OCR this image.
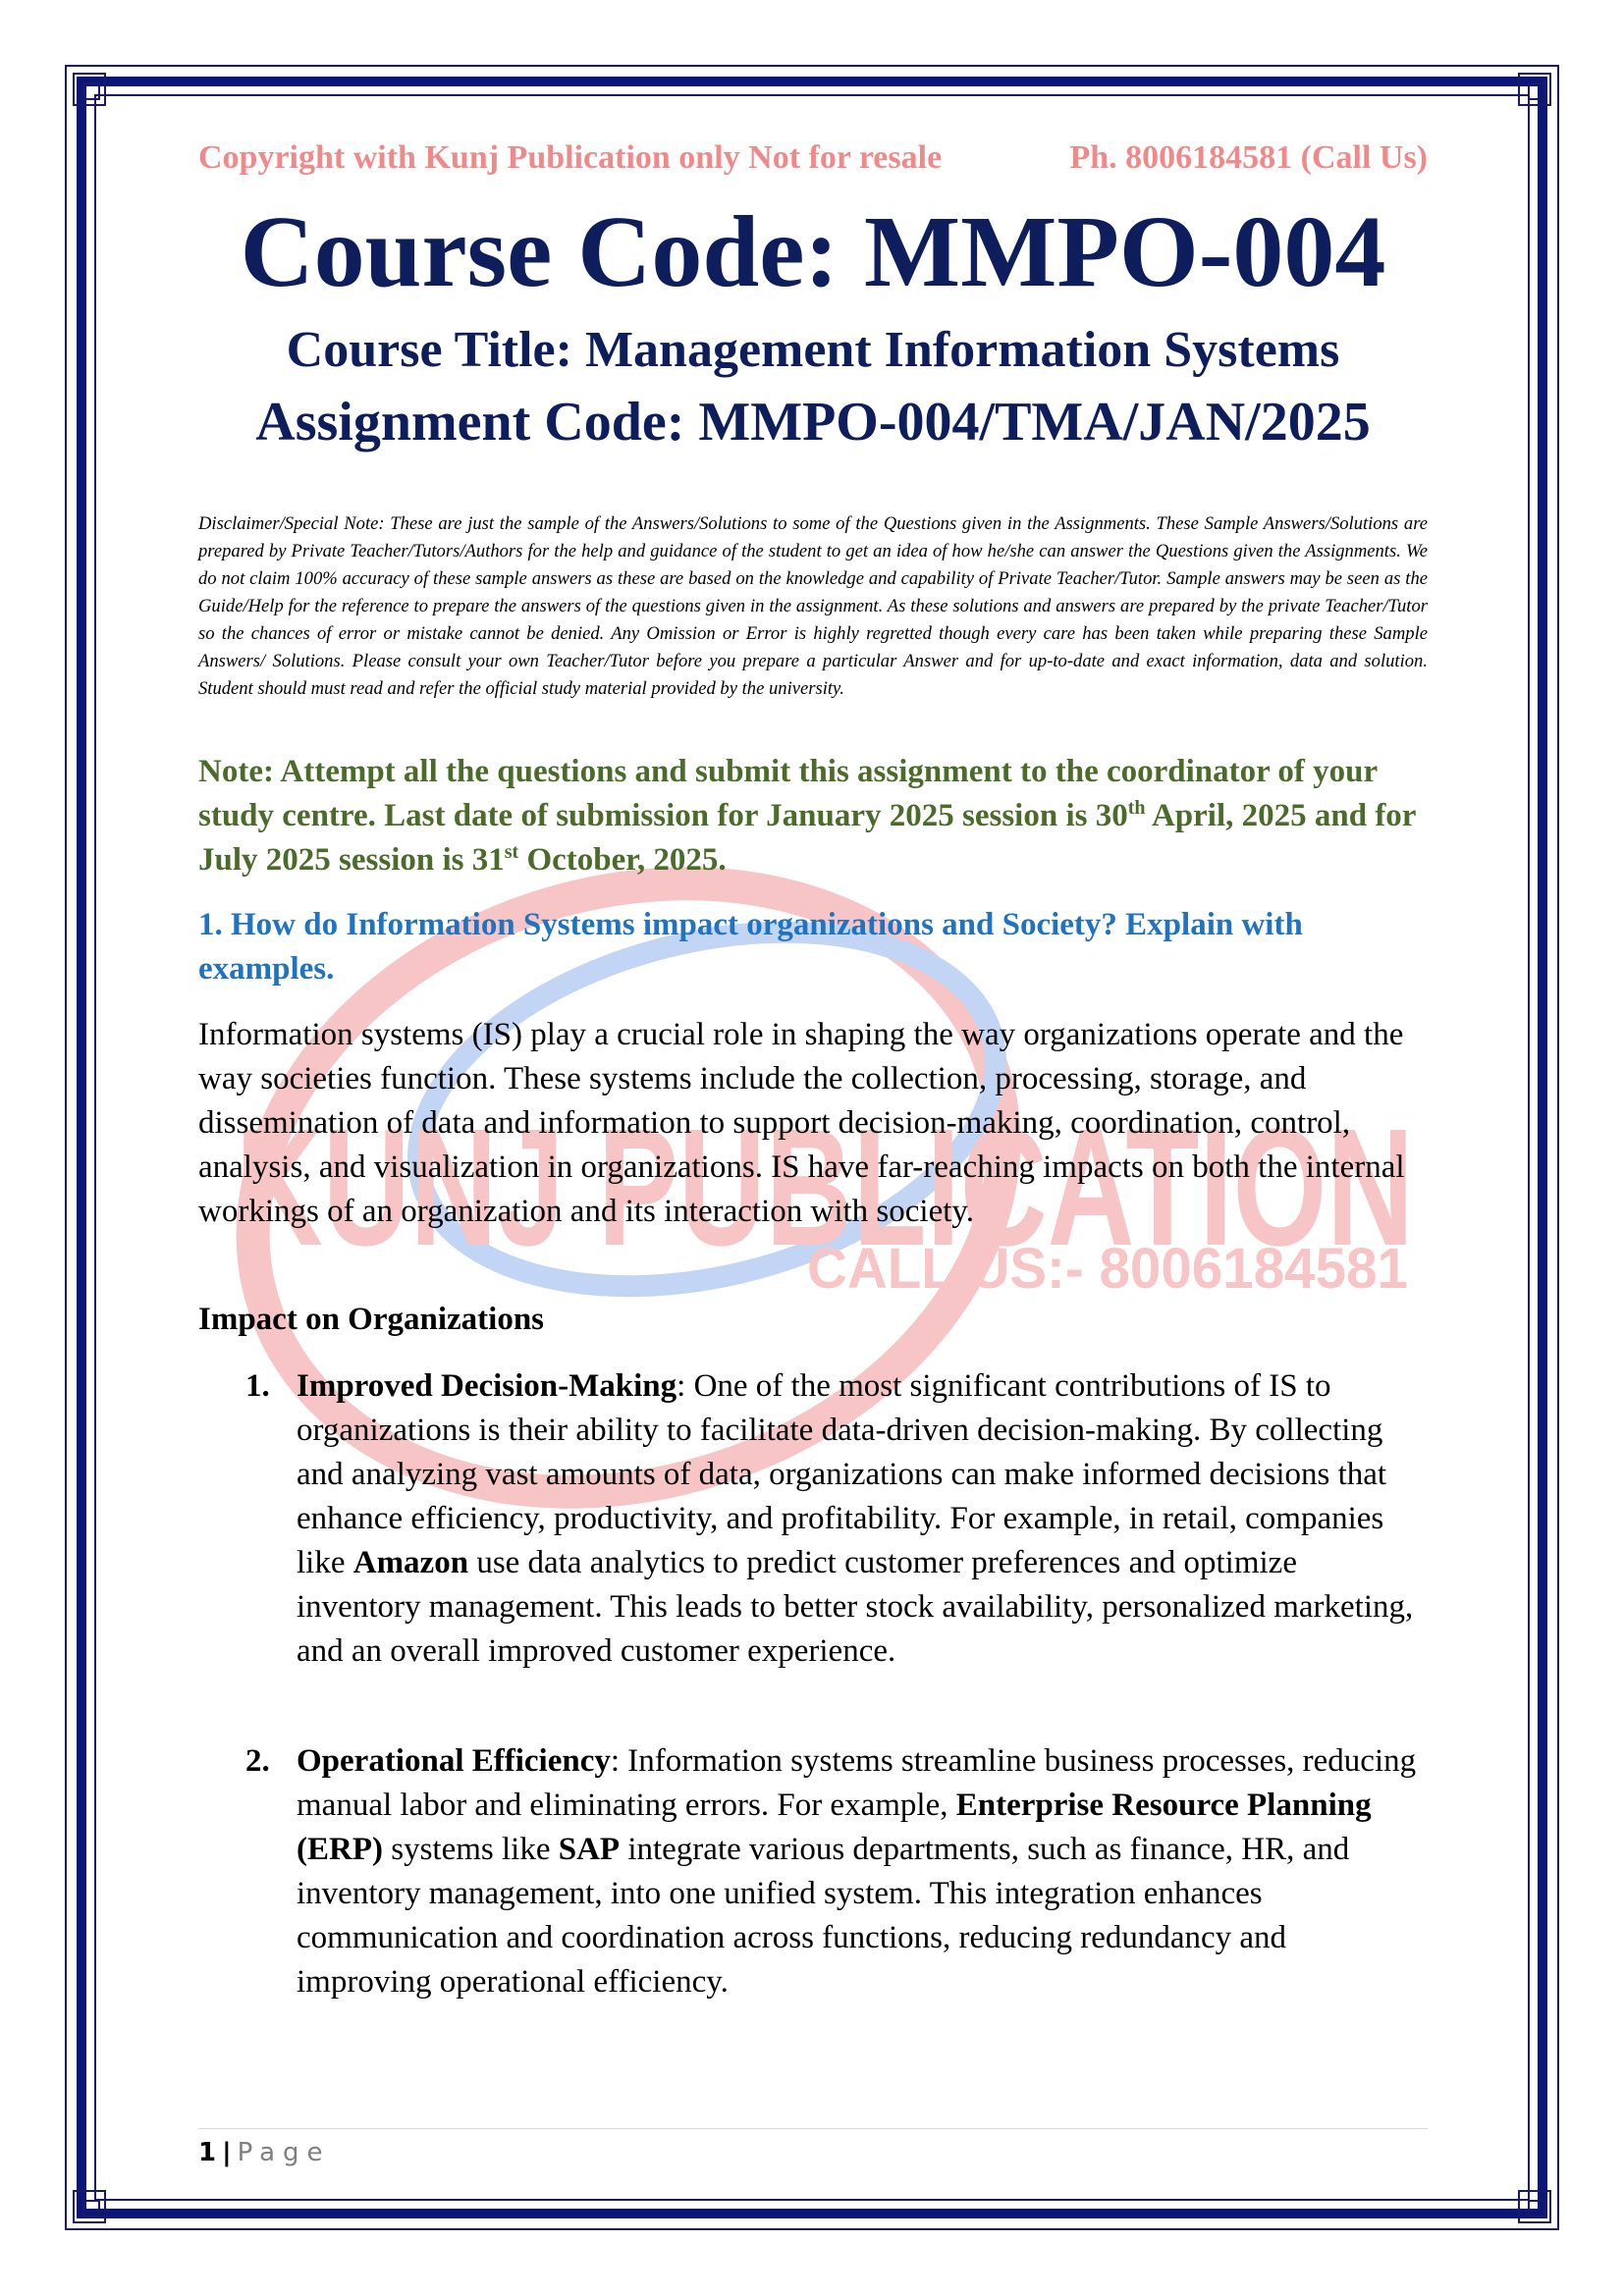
KUNJ PUBLICATION
CALL US:- 8006184581
Copyright with Kunj Publication only Not for resale	Ph. 8006184581 (Call Us)
Course Code: MMPO-004
Course Title: Management Information Systems
Assignment Code: MMPO-004/TMA/JAN/2025
Disclaimer/Special Note: These are just the sample of the Answers/Solutions to some of the Questions given in the Assignments. These Sample Answers/Solutions are prepared by Private Teacher/Tutors/Authors for the help and guidance of the student to get an idea of how he/she can answer the Questions given the Assignments. We do not claim 100% accuracy of these sample answers as these are based on the knowledge and capability of Private Teacher/Tutor. Sample answers may be seen as the Guide/Help for the reference to prepare the answers of the questions given in the assignment. As these solutions and answers are prepared by the private Teacher/Tutor so the chances of error or mistake cannot be denied. Any Omission or Error is highly regretted though every care has been taken while preparing these Sample Answers/ Solutions. Please consult your own Teacher/Tutor before you prepare a particular Answer and for up-to-date and exact information, data and solution. Student should must read and refer the official study material provided by the university.
Note: Attempt all the questions and submit this assignment to the coordinator of your study centre. Last date of submission for January 2025 session is 30th April, 2025 and for July 2025 session is 31st October, 2025.
1. How do Information Systems impact organizations and Society? Explain with examples.
Information systems (IS) play a crucial role in shaping the way organizations operate and the way societies function. These systems include the collection, processing, storage, and dissemination of data and information to support decision-making, coordination, control, analysis, and visualization in organizations. IS have far-reaching impacts on both the internal workings of an organization and its interaction with society.
Impact on Organizations
1. Improved Decision-Making: One of the most significant contributions of IS to organizations is their ability to facilitate data-driven decision-making. By collecting and analyzing vast amounts of data, organizations can make informed decisions that enhance efficiency, productivity, and profitability. For example, in retail, companies like Amazon use data analytics to predict customer preferences and optimize inventory management. This leads to better stock availability, personalized marketing, and an overall improved customer experience.
2. Operational Efficiency: Information systems streamline business processes, reducing manual labor and eliminating errors. For example, Enterprise Resource Planning (ERP) systems like SAP integrate various departments, such as finance, HR, and inventory management, into one unified system. This integration enhances communication and coordination across functions, reducing redundancy and improving operational efficiency.
1 | Page
